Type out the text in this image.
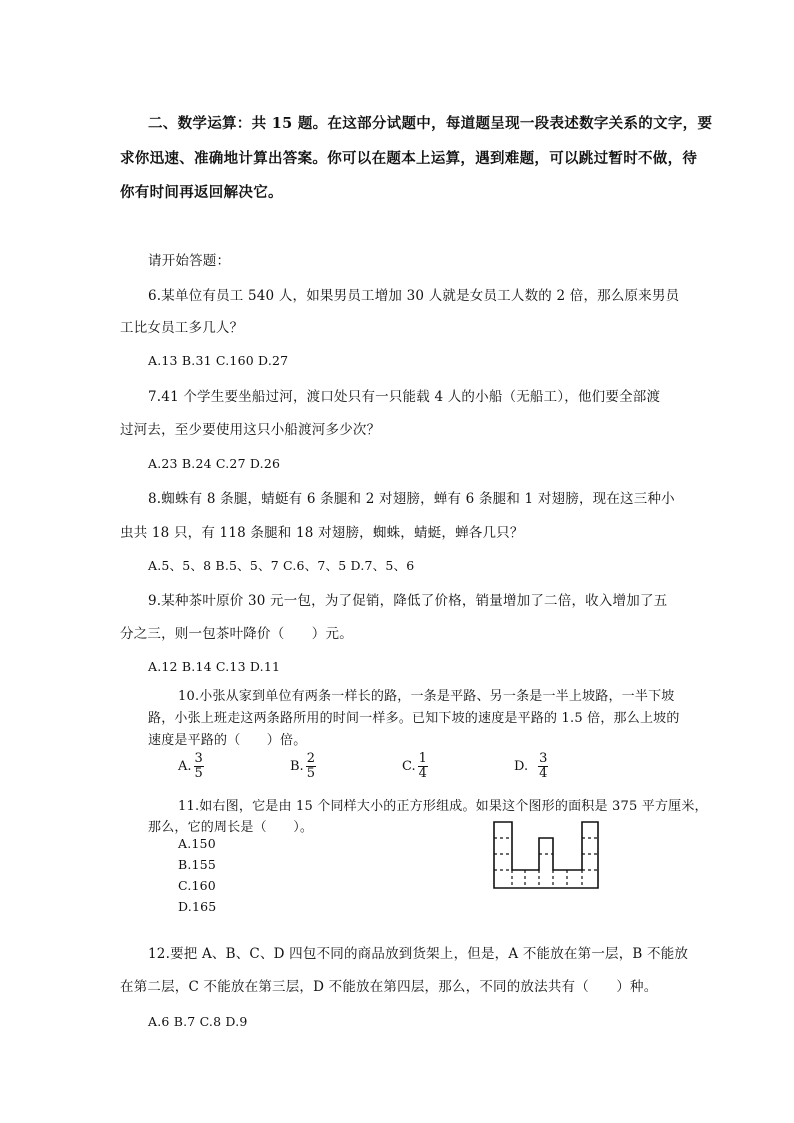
二、数学运算：共 15 题。在这部分试题中，每道题呈现一段表述数字关系的文字，要
求你迅速、准确地计算出答案。你可以在题本上运算，遇到难题，可以跳过暂时不做，待
你有时间再返回解决它。
请开始答题：
6.某单位有员工 540 人，如果男员工增加 30 人就是女员工人数的 2 倍，那么原来男员
工比女员工多几人？
A.13 B.31 C.160 D.27
7.41 个学生要坐船过河，渡口处只有一只能载 4 人的小船（无船工），他们要全部渡
过河去，至少要使用这只小船渡河多少次？
A.23 B.24 C.27 D.26
8.蜘蛛有 8 条腿，蜻蜓有 6 条腿和 2 对翅膀，蝉有 6 条腿和 1 对翅膀，现在这三种小
虫共 18 只，有 118 条腿和 18 对翅膀，蜘蛛，蜻蜓，蝉各几只？
A.5、5、8 B.5、5、7 C.6、7、5 D.7、5、6
9.某种茶叶原价 30 元一包，为了促销，降低了价格，销量增加了二倍，收入增加了五
分之三，则一包茶叶降价（　　）元。
A.12 B.14 C.13 D.11
10.小张从家到单位有两条一样长的路，一条是平路、另一条是一半上坡路，一半下坡
路，小张上班走这两条路所用的时间一样多。已知下坡的速度是平路的 1.5 倍，那么上坡的
速度是平路的（　　）倍。
A. $\frac{3}{5}$	B. $\frac{2}{5}$	C. $\frac{1}{4}$	D. $\frac{3}{4}$
11.如右图，它是由 15 个同样大小的正方形组成。如果这个图形的面积是 375 平方厘米，
那么，它的周长是（　　）。
A.150
B.155
C.160
D.165
12.要把 A、B、C、D 四包不同的商品放到货架上，但是，A 不能放在第一层，B 不能放
在第二层，C 不能放在第三层，D 不能放在第四层，那么，不同的放法共有（　　）种。
A.6 B.7 C.8 D.9
